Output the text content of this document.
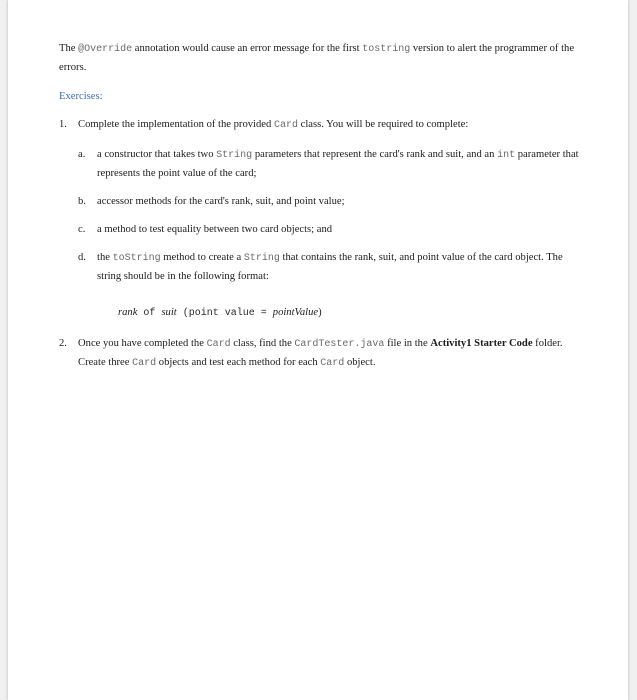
The @Override annotation would cause an error message for the first tostring version to alert the programmer of the errors.

Exercises:

1. Complete the implementation of the provided Card class. You will be required to complete:
a. a constructor that takes two String parameters that represent the card's rank and suit, and an int parameter that represents the point value of the card;
b. accessor methods for the card's rank, suit, and point value;
c. a method to test equality between two card objects; and
d. the toString method to create a String that contains the rank, suit, and point value of the card object. The string should be in the following format:
rank of suit (point value = pointValue)
2. Once you have completed the Card class, find the CardTester.java file in the Activity1 Starter Code folder. Create three Card objects and test each method for each Card object.
